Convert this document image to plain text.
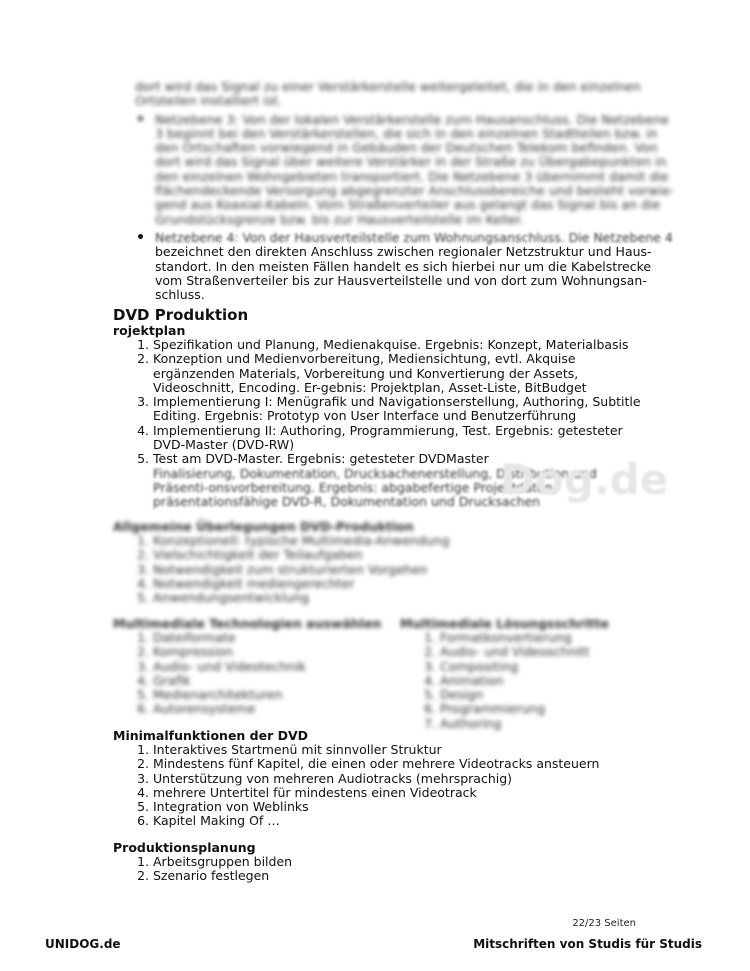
dort wird das Signal zu einer Verstärkerstelle weitergeleitet, die in den einzelnen
Ortsteilen installiert ist.
• Netzebene 3: Von der lokalen Verstärkerstelle zum Hausanschluss. Die Netzebene
3 beginnt bei den Verstärkerstellen, die sich in den einzelnen Stadtteilen bzw. in
den Ortschaften vorwiegend in Gebäuden der Deutschen Telekom befinden. Von
dort wird das Signal über weitere Verstärker in der Straße zu Übergabepunkten in
den einzelnen Wohngebieten transportiert. Die Netzebene 3 übernimmt damit die
flächendeckende Versorgung abgegrenzter Anschlussbereiche und besteht vorwie-
gend aus Koaxial-Kabeln. Vom Straßenverteiler aus gelangt das Signal bis an die
Grundstücksgrenze bzw. bis zur Hausverteilstelle im Keller.
• Netzebene 4: Von der Hausverteilstelle zum Wohnungsanschluss. Die Netzebene 4
bezeichnet den direkten Anschluss zwischen regionaler Netzstruktur und Haus-
standort. In den meisten Fällen handelt es sich hierbei nur um die Kabelstrecke
vom Straßenverteiler bis zur Hausverteilstelle und von dort zum Wohnungsan-
schluss.
DVD Produktion
rojektplan
1. Spezifikation und Planung, Medienakquise. Ergebnis: Konzept, Materialbasis
2. Konzeption und Medienvorbereitung, Mediensichtung, evtl. Akquise ergänzenden Materials, Vorbereitung und Konvertierung der Assets, Videoschnitt, Encoding. Er-gebnis: Projektplan, Asset-Liste, BitBudget
3. Implementierung I: Menügrafik und Navigationserstellung, Authoring, Subtitle Editing. Ergebnis: Prototyp von User Interface und Benutzerführung
4. Implementierung II: Authoring, Programmierung, Test. Ergebnis: getesteter DVD-Master (DVD-RW)
5. Test am DVD-Master. Ergebnis: getesteter DVDMaster
6. Finalisierung, Dokumentation, Drucksachenerstellung, Distribution und Präsenti-onsvorbereitung. Ergebnis: abgabefertige Projektdaten, präsentationsfähige DVD-R, Dokumentation und Drucksachen
Dog.de
Allgemeine Überlegungen DVD-Produktion
1. Konzeptionell: typische Multimedia-Anwendung
2. Vielschichtigkeit der Teilaufgaben
3. Notwendigkeit zum strukturierten Vorgehen
4. Notwendigkeit mediengerechter
5. Anwendungsentwicklung
Multimediale Technologien auswählen
1. Dateiformate
2. Kompression
3. Audio- und Videotechnik
4. Grafik
5. Medienarchitekturen
6. Autorensysteme
Multimediale Lösungsschritte
1. Formatkonvertierung
2. Audio- und Videoschnitt
3. Compositing
4. Animation
5. Design
6. Programmierung
7. Authoring
Minimalfunktionen der DVD
1. Interaktives Startmenü mit sinnvoller Struktur
2. Mindestens fünf Kapitel, die einen oder mehrere Videotracks ansteuern
3. Unterstützung von mehreren Audiotracks (mehrsprachig)
4. mehrere Untertitel für mindestens einen Videotrack
5. Integration von Weblinks
6. Kapitel Making Of …
Produktionsplanung
1. Arbeitsgruppen bilden
2. Szenario festlegen
22/23 Seiten
UNIDOG.de	Mitschriften von Studis für Studis
